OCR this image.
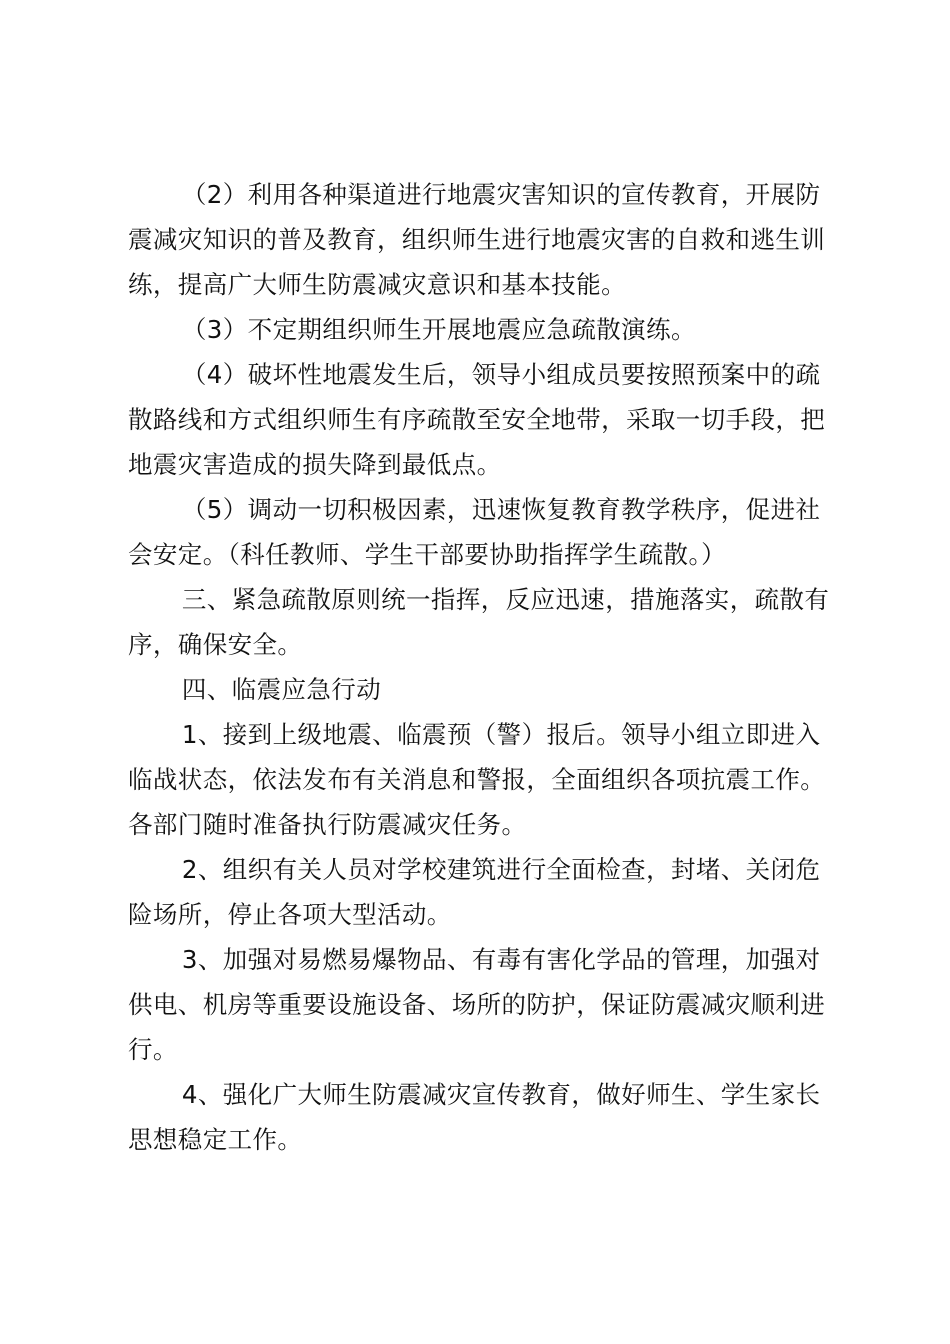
（2）利用各种渠道进行地震灾害知识的宣传教育，开展防震减灾知识的普及教育，组织师生进行地震灾害的自救和逃生训练，提高广大师生防震减灾意识和基本技能。

（3）不定期组织师生开展地震应急疏散演练。

（4）破坏性地震发生后，领导小组成员要按照预案中的疏散路线和方式组织师生有序疏散至安全地带，采取一切手段，把地震灾害造成的损失降到最低点。

（5）调动一切积极因素，迅速恢复教育教学秩序，促进社会安定。（科任教师、学生干部要协助指挥学生疏散。）

三、紧急疏散原则统一指挥，反应迅速，措施落实，疏散有序，确保安全。

四、临震应急行动

1、接到上级地震、临震预（警）报后。领导小组立即进入临战状态，依法发布有关消息和警报，全面组织各项抗震工作。各部门随时准备执行防震减灾任务。

2、组织有关人员对学校建筑进行全面检查，封堵、关闭危险场所，停止各项大型活动。

3、加强对易燃易爆物品、有毒有害化学品的管理，加强对供电、机房等重要设施设备、场所的防护，保证防震减灾顺利进行。

4、强化广大师生防震减灾宣传教育，做好师生、学生家长思想稳定工作。
